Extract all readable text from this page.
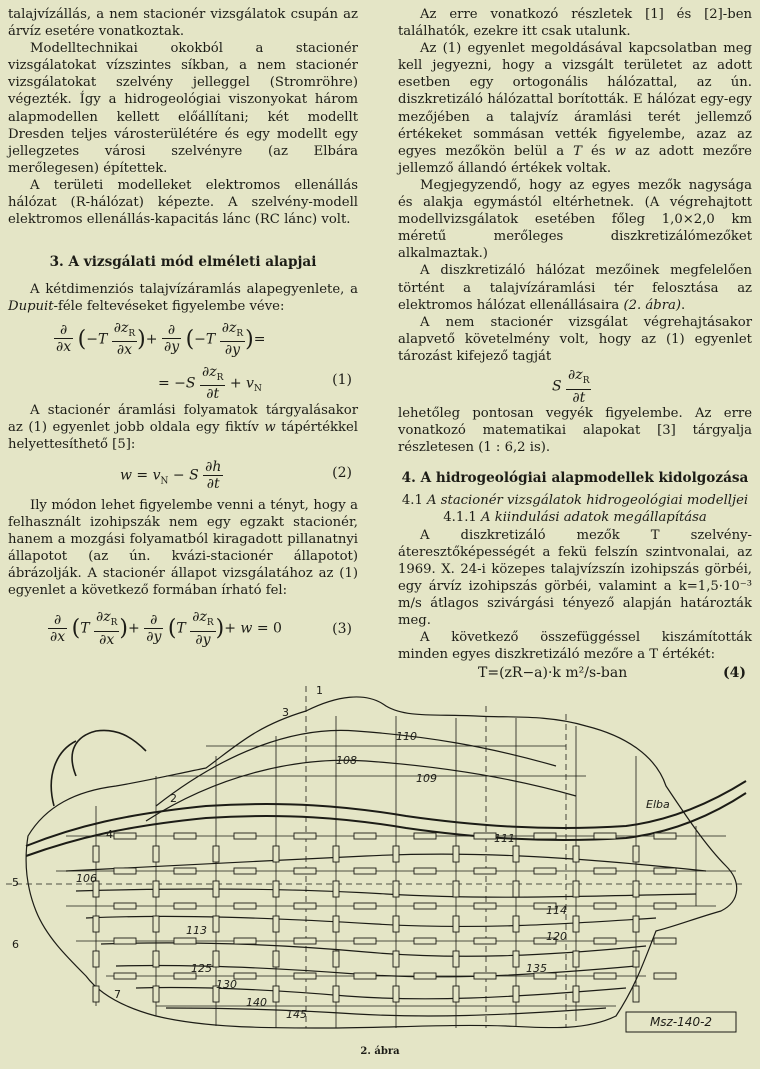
talajvízállás, a nem stacionér vizsgálatok csupán az árvíz esetére vonatkoztak.

Modelltechnikai okokból a stacionér vizsgálatokat vízszintes síkban, a nem stacionér vizsgálatokat szelvény jelleggel (Stromröhre) végezték. Így a hidrogeológiai viszonyokat három alapmodellen kellett előállítani; két modellt Dresden teljes városterülétére és egy modellt egy jellegzetes városi szelvényre (az Elbára merőlegesen) építettek.

A területi modelleket elektromos ellenállás hálózat (R-hálózat) képezte. A szelvény-modell elektromos ellenállás-kapacitás lánc (RC lánc) volt.

3. A vizsgálati mód elméleti alapjai

A kétdimenziós talajvízáramlás alapegyenlete, a Dupuit-féle feltevéseket figyelembe véve:

$\frac{\partial}{\partial x} (-T \frac{\partial z_R}{\partial x}$ )+ $\frac{\partial}{\partial y} (-T \frac{\partial z_R}{\partial y}$ )=
= $-S \frac{\partial z_R}{\partial t} + v_N$
(1)

A stacionér áramlási folyamatok tárgyalásakor az (1) egyenlet jobb oldala egy fiktív w tápértékkel helyettesíthető [5]:

$w = v_N - S \frac{\partial h}{\partial t}$	(2)

Ily módon lehet figyelembe venni a tényt, hogy a felhasznált izohipszák nem egy egzakt stacionér, hanem a mozgási folyamatból kiragadott pillanatnyi állapotot (az ún. kvázi-stacionér állapotot) ábrázolják. A stacionér állapot vizsgálatához az (1) egyenlet a következő formában írható fel:

$\frac{\partial}{\partial x} (T \frac{\partial z_R}{\partial x}$ )+ $\frac{\partial}{\partial y} (T \frac{\partial z_R}{\partial y}$ )+ w = 0	(3)

Az erre vonatkozó részletek [1] és [2]-ben találhatók, ezekre itt csak utalunk.

Az (1) egyenlet megoldásával kapcsolatban meg kell jegyezni, hogy a vizsgált területet az adott esetben egy ortogonális hálózattal, az ún. diszkretizáló hálózattal borították. E hálózat egy-egy mezőjében a talajvíz áramlási terét jellemző értékeket sommásan vették figyelembe, azaz az egyes mezőkön belül a T és w az adott mezőre jellemző állandó értékek voltak.

Megjegyzendő, hogy az egyes mezők nagysága és alakja egymástól eltérhetnek. (A végrehajtott modellvizsgálatok esetében főleg 1,0×2,0 km méretű merőleges diszkretizálómezőket alkalmaztak.)

A diszkretizáló hálózat mezőinek megfelelően történt a talajvízáramlási tér felosztása az elektromos hálózat ellenállásaira (2. ábra).

A nem stacionér vizsgálat végrehajtásakor alapvető követelmény volt, hogy az (1) egyenlet tározást kifejező tagját

S $\frac{\partial z_R}{\partial t}$

lehetőleg pontosan vegyék figyelembe. Az erre vonatkozó matematikai alapokat [3] tárgyalja részletesen (1 : 6,2 is).

4. A hidrogeológiai alapmodellek kidolgozása

4.1 A stacionér vizsgálatok hidrogeológiai modelljei

4.1.1 A kiindulási adatok megállapítása

A diszkretizáló mezők T szelvény-áteresztőképességét a fekü felszín szintvonalai, az 1969. X. 24-i közepes talajvízszín izohipszás görbéi, egy árvíz izohipszás görbéi, valamint a k=1,5·10⁻³ m/s átlagos szivárgási tényező alapján határozták meg.

A következő összefüggéssel kiszámították minden egyes diszkretizáló mezőre a T értékét:

T=(zR−a)·k m²/s-ban	(4)
1
2
3
4
5
6
7
Elba
106
108
109
110
111
113
114
120
125
130
135
140
145
Msz-140-2
2. ábra
